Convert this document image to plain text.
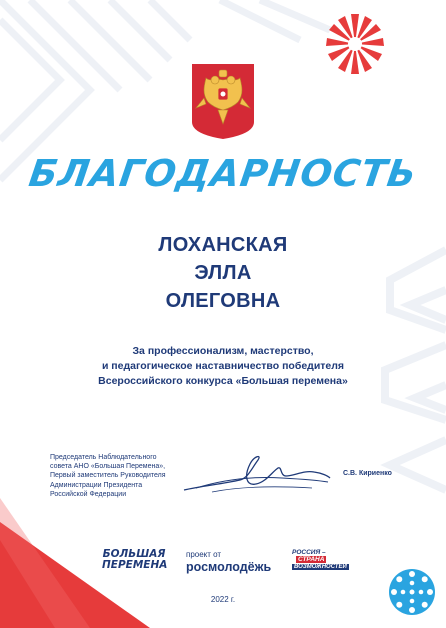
БЛАГОДАРНОСТЬ
ЛОХАНСКАЯ
ЭЛЛА
ОЛЕГОВНА
За профессионализм, мастерство,
и педагогическое наставничество победителя
Всероссийского конкурса «Большая перемена»
Председатель Наблюдательного
совета АНО «Большая Перемена»,
Первый заместитель Руководителя
Администрации Президента
Российской Федерации
С.В. Кириенко
БОЛЬШАЯ
ПЕРЕМЕНА
проект от
росмолодёжь
РОССИЯ –
СТРАНА
ВОЗМОЖНОСТЕЙ
2022 г.
